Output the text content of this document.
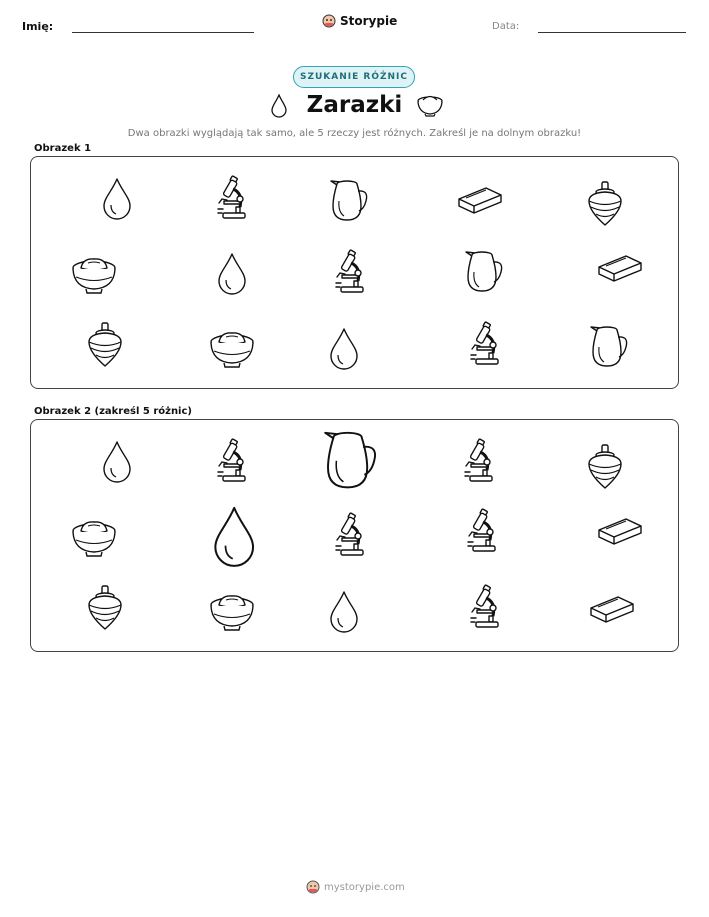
Imię:	Storypie	Data:
SZUKANIE RÓŻNIC
Zarazki
Dwa obrazki wyglądają tak samo, ale 5 rzeczy jest różnych. Zakreśl je na dolnym obrazku!
Obrazek 1
Obrazek 2 (zakreśl 5 różnic)
mystorypie.com
